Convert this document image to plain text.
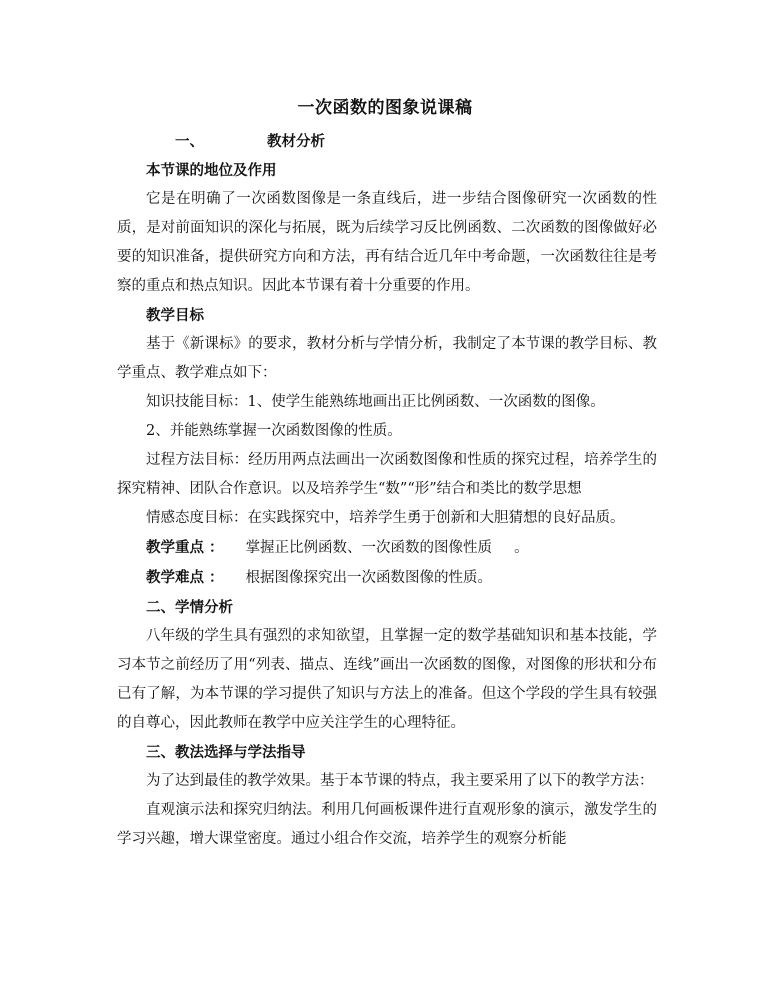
一次函数的图象说课稿

一、	教材分析

本节课的地位及作用

它是在明确了一次函数图像是一条直线后，进一步结合图像研究一次函数的性质，是对前面知识的深化与拓展，既为后续学习反比例函数、二次函数的图像做好必要的知识准备，提供研究方向和方法，再有结合近几年中考命题，一次函数往往是考察的重点和热点知识。因此本节课有着十分重要的作用。

教学目标

基于《新课标》的要求，教材分析与学情分析，我制定了本节课的教学目标、教学重点、教学难点如下：

知识技能目标：1、使学生能熟练地画出正比例函数、一次函数的图像。

2、并能熟练掌握一次函数图像的性质。

过程方法目标：经历用两点法画出一次函数图像和性质的探究过程，培养学生的探究精神、团队合作意识。以及培养学生“数”“形”结合和类比的数学思想

情感态度目标：在实践探究中，培养学生勇于创新和大胆猜想的良好品质。

教学重点 ： 掌握正比例函数、一次函数的图像性质 。

教学难点 ： 根据图像探究出一次函数图像的性质。

二、学情分析

八年级的学生具有强烈的求知欲望，且掌握一定的数学基础知识和基本技能，学习本节之前经历了用“列表、描点、连线”画出一次函数的图像，对图像的形状和分布已有了解，为本节课的学习提供了知识与方法上的准备。但这个学段的学生具有较强的自尊心，因此教师在教学中应关注学生的心理特征。

三、教法选择与学法指导

为了达到最佳的教学效果。基于本节课的特点，我主要采用了以下的教学方法：

直观演示法和探究归纳法。利用几何画板课件进行直观形象的演示，激发学生的学习兴趣，增大课堂密度。通过小组合作交流，培养学生的观察分析能
